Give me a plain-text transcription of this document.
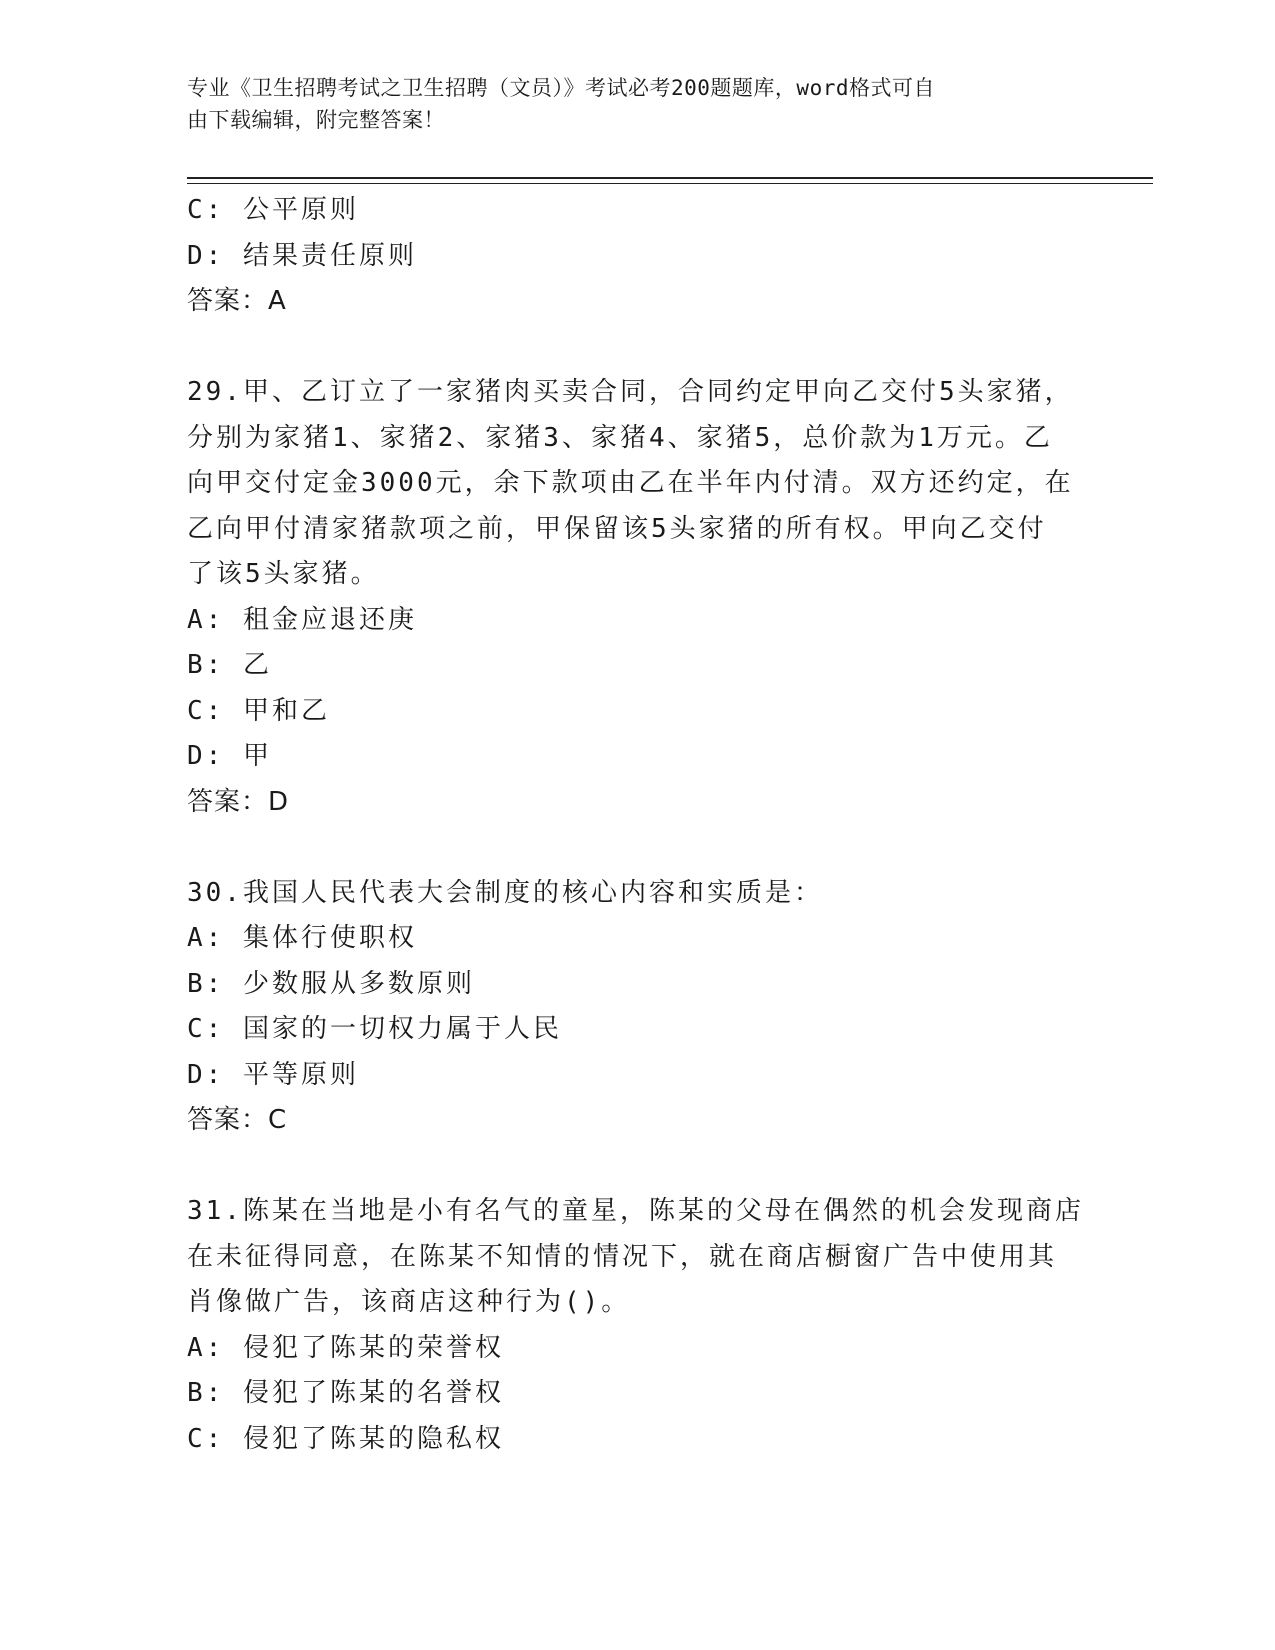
专业《卫生招聘考试之卫生招聘（文员）》考试必考200题题库，word格式可自
由下载编辑，附完整答案！
C: 公平原则
D: 结果责任原则
答案：A
29.甲、乙订立了一家猪肉买卖合同，合同约定甲向乙交付5头家猪，
分别为家猪1、家猪2、家猪3、家猪4、家猪5，总价款为1万元。乙
向甲交付定金3000元，余下款项由乙在半年内付清。双方还约定，在
乙向甲付清家猪款项之前，甲保留该5头家猪的所有权。甲向乙交付
了该5头家猪。
A: 租金应退还庚
B: 乙
C: 甲和乙
D: 甲
答案：D
30.我国人民代表大会制度的核心内容和实质是：
A: 集体行使职权
B: 少数服从多数原则
C: 国家的一切权力属于人民
D: 平等原则
答案：C
31.陈某在当地是小有名气的童星，陈某的父母在偶然的机会发现商店
在未征得同意，在陈某不知情的情况下，就在商店橱窗广告中使用其
肖像做广告，该商店这种行为()。
A: 侵犯了陈某的荣誉权
B: 侵犯了陈某的名誉权
C: 侵犯了陈某的隐私权
